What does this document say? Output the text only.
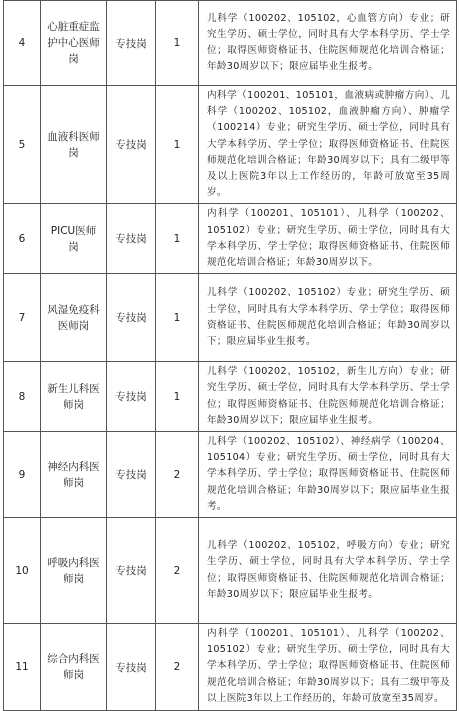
4	心脏重症监护中心医师岗	专技岗	1	儿科学（100202、105102，心血管方向）专业；研究生学历、硕士学位，同时具有大学本科学历、学士学位；取得医师资格证书、住院医师规范化培训合格证；年龄30周岁以下；限应届毕业生报考。
5	血液科医师岗	专技岗	1	内科学（100201、105101，血液病或肿瘤方向）、儿科学（100202、105102，血液肿瘤方向）、肿瘤学（100214）专业；研究生学历、硕士学位，同时具有大学本科学历、学士学位；取得医师资格证书、住院医师规范化培训合格证；年龄30周岁以下；具有二级甲等及以上医院3年以上工作经历的，年龄可放宽至35周岁。
6	PICU医师岗	专技岗	1	内科学（100201、105101）、儿科学（100202、105102）专业；研究生学历、硕士学位，同时具有大学本科学历、学士学位；取得医师资格证书、住院医师规范化培训合格证；年龄30周岁以下。
7	风湿免疫科医师岗	专技岗	1	儿科学（100202、105102）专业；研究生学历、硕士学位，同时具有大学本科学历、学士学位；取得医师资格证书、住院医师规范化培训合格证；年龄30周岁以下；限应届毕业生报考。
8	新生儿科医师岗	专技岗	1	儿科学（100202、105102，新生儿方向）专业；研究生学历、硕士学位，同时具有大学本科学历、学士学位；取得医师资格证书、住院医师规范化培训合格证；年龄30周岁以下；限应届毕业生报考。
9	神经内科医师岗	专技岗	2	儿科学（100202、105102）、神经病学（100204、105104）专业；研究生学历、硕士学位，同时具有大学本科学历、学士学位；取得医师资格证书、住院医师规范化培训合格证；年龄30周岁以下；限应届毕业生报考。
10	呼吸内科医师岗	专技岗	2	儿科学（100202、105102，呼吸方向）专业；研究生学历、硕士学位，同时具有大学本科学历、学士学位；取得医师资格证书、住院医师规范化培训合格证；年龄30周岁以下；限应届毕业生报考。
11	综合内科医师岗	专技岗	2	内科学（100201、105101）、儿科学（100202、105102）专业；研究生学历、硕士学位，同时具有大学本科学历、学士学位；取得医师资格证书、住院医师规范化培训合格证；年龄30周岁以下；具有二级甲等及以上医院3年以上工作经历的，年龄可放宽至35周岁。
